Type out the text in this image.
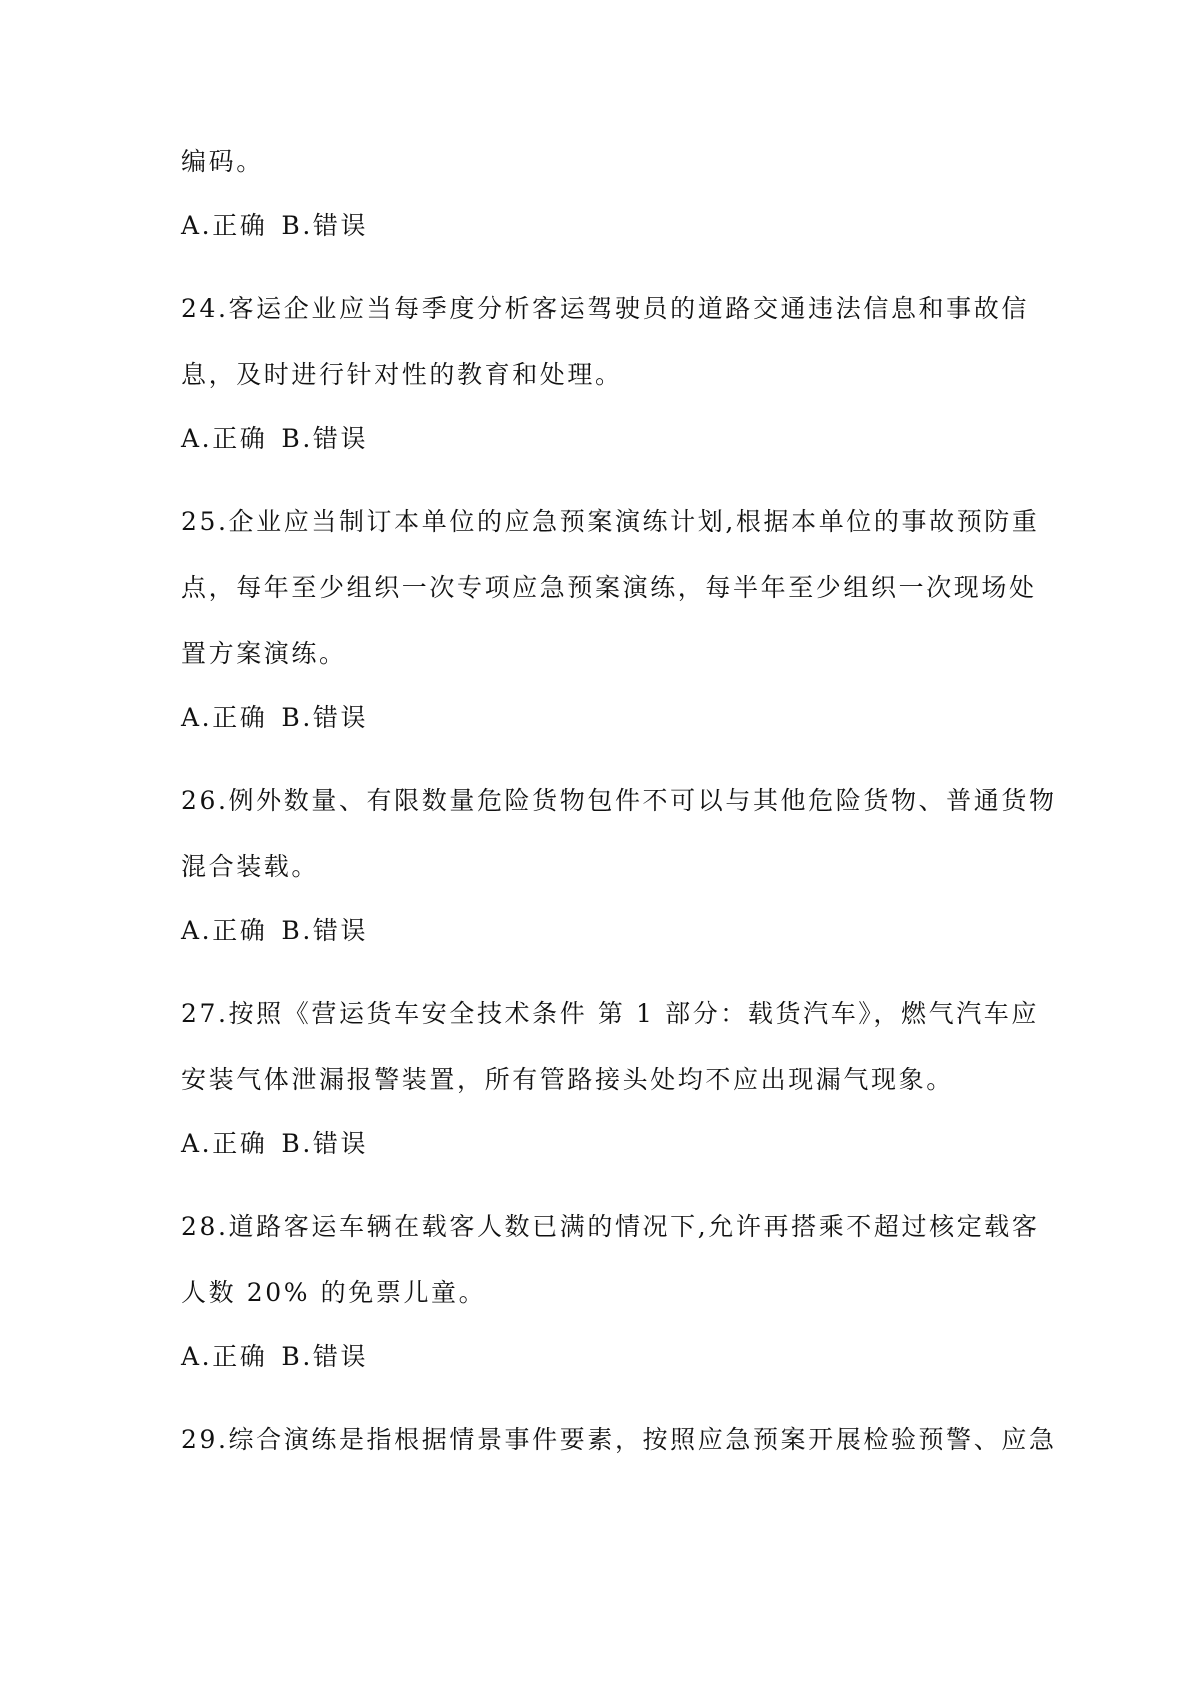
编码。
A.正确 B.错误
24.客运企业应当每季度分析客运驾驶员的道路交通违法信息和事故信
息，及时进行针对性的教育和处理。
A.正确 B.错误
25.企业应当制订本单位的应急预案演练计划,根据本单位的事故预防重
点，每年至少组织一次专项应急预案演练，每半年至少组织一次现场处
置方案演练。
A.正确 B.错误
26.例外数量、有限数量危险货物包件不可以与其他危险货物、普通货物
混合装载。
A.正确 B.错误
27.按照《营运货车安全技术条件 第 1 部分：载货汽车》，燃气汽车应
安装气体泄漏报警装置，所有管路接头处均不应出现漏气现象。
A.正确 B.错误
28.道路客运车辆在载客人数已满的情况下,允许再搭乘不超过核定载客
人数 20% 的免票儿童。
A.正确 B.错误
29.综合演练是指根据情景事件要素，按照应急预案开展检验预警、应急
